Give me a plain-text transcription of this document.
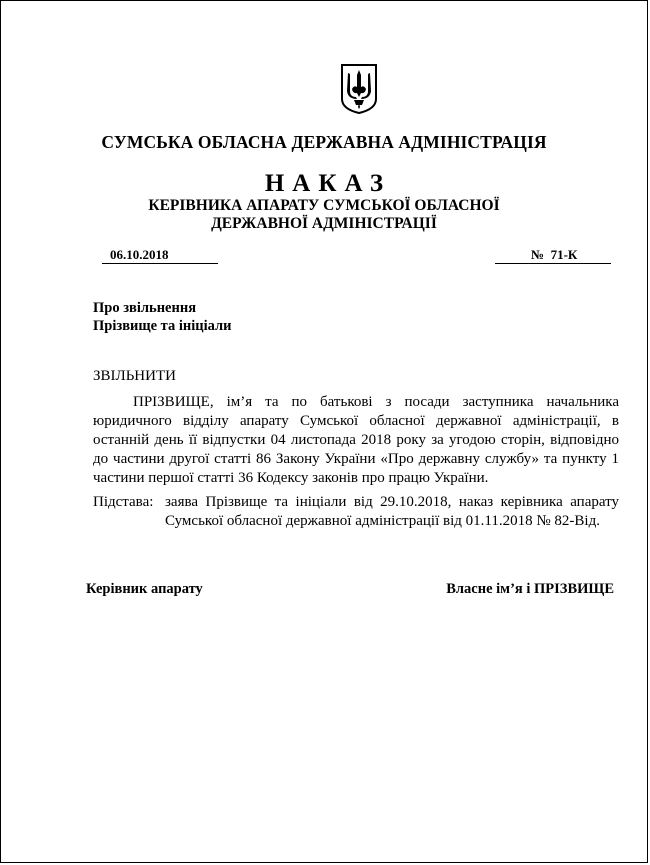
СУМСЬКА ОБЛАСНА ДЕРЖАВНА АДМІНІСТРАЦІЯ
НАКАЗ
КЕРІВНИКА АПАРАТУ СУМСЬКОЇ ОБЛАСНОЇ
ДЕРЖАВНОЇ АДМІНІСТРАЦІЇ
06.10.2018	№  71-К
Про звільнення
Прізвище та ініціали
ЗВІЛЬНИТИ
ПРІЗВИЩЕ, ім’я та по батькові з посади заступника начальника юридичного відділу апарату Сумської обласної державної адміністрації, в останній день її відпустки 04 листопада 2018 року за угодою сторін, відповідно до частини другої статті 86 Закону України «Про державну службу» та пункту 1 частини першої статті 36 Кодексу законів про працю України.
Підстава: заява Прізвище та ініціали від 29.10.2018, наказ керівника апарату
Сумської обласної державної адміністрації від 01.11.2018 № 82-Від.
Керівник апарату	Власне ім’я і ПРІЗВИЩЕ
